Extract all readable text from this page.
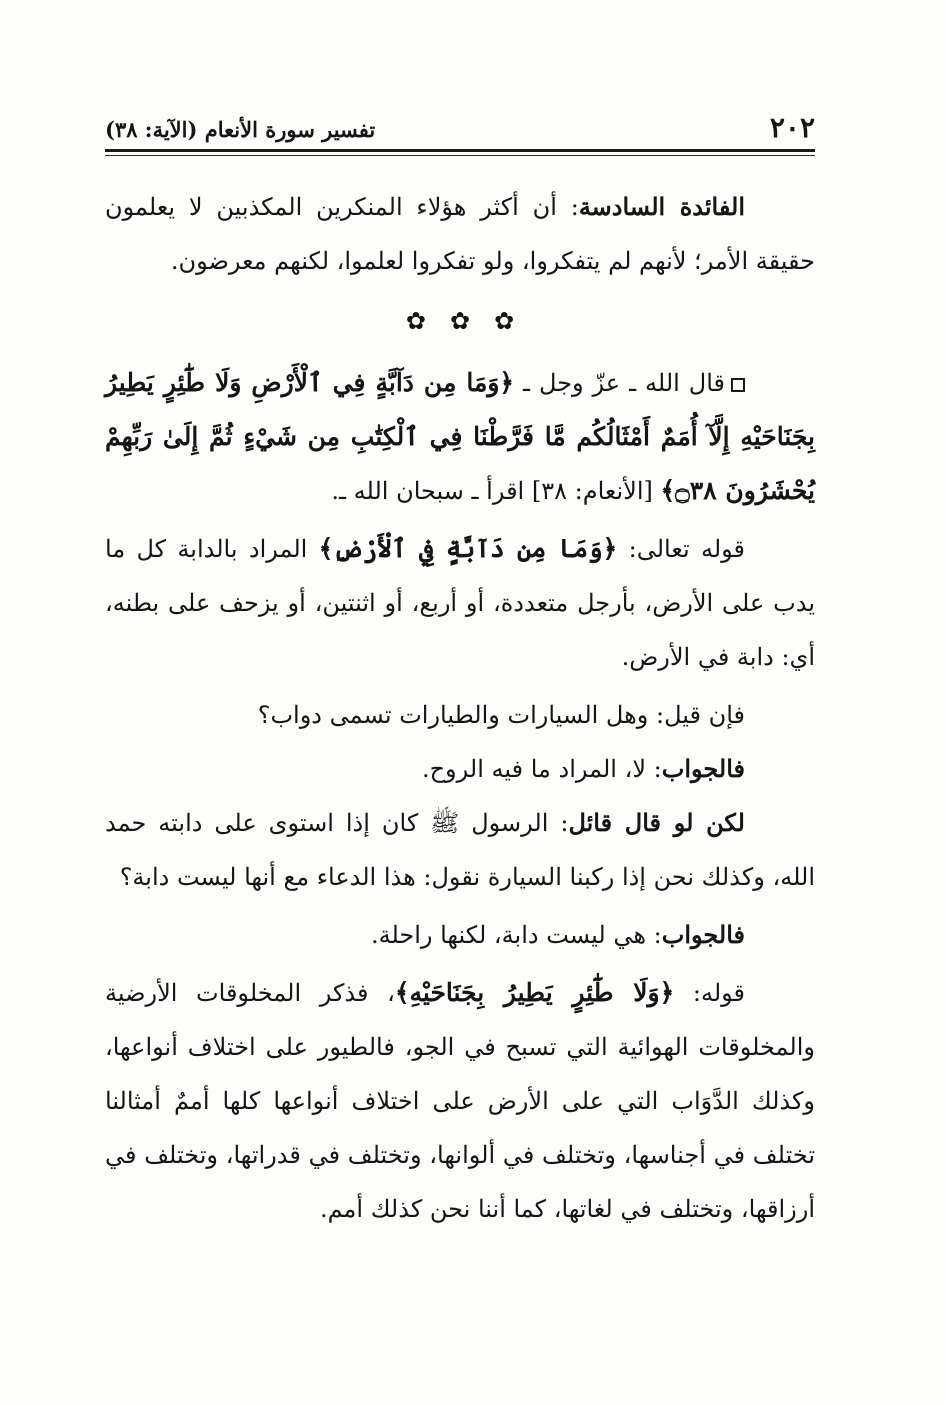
٢٠٢
تفسير سورة الأنعام (الآية: ٣٨)

الفائدة السادسة: أن أكثر هؤلاء المنكرين المكذبين لا يعلمون حقيقة الأمر؛ لأنهم لم يتفكروا، ولو تفكروا لعلموا، لكنهم معرضون.

✿
✿
✿

قال الله ـ عزّ وجل ـ ﴿وَمَا مِن دَآبَّةٍ فِي ٱلْأَرْضِ وَلَا طَٰٓئِرٍ يَطِيرُ بِجَنَاحَيْهِ إِلَّآ أُمَمٌ أَمْثَالُكُم مَّا فَرَّطْنَا فِي ٱلْكِتَٰبِ مِن شَيْءٍ ثُمَّ إِلَىٰ رَبِّهِمْ يُحْشَرُونَ ۝٣٨﴾ [الأنعام: ٣٨] اقرأ ـ سبحان الله ـ.

قوله تعالى: ﴿وَمَا مِن دَآبَّةٍ فِي ٱلْأَرْضِ﴾ المراد بالدابة كل ما يدب على الأرض، بأرجل متعددة، أو أربع، أو اثنتين، أو يزحف على بطنه، أي: دابة في الأرض.

فإن قيل: وهل السيارات والطيارات تسمى دواب؟

فالجواب: لا، المراد ما فيه الروح.

لكن لو قال قائل: الرسول ﷺ كان إذا استوى على دابته حمد الله، وكذلك نحن إذا ركبنا السيارة نقول: هذا الدعاء مع أنها ليست دابة؟

فالجواب: هي ليست دابة، لكنها راحلة.

قوله: ﴿وَلَا طَٰٓئِرٍ يَطِيرُ بِجَنَاحَيْهِ﴾، فذكر المخلوقات الأرضية والمخلوقات الهوائية التي تسبح في الجو، فالطيور على اختلاف أنواعها، وكذلك الدَّوَاب التي على الأرض على اختلاف أنواعها كلها أممٌ أمثالنا تختلف في أجناسها، وتختلف في ألوانها، وتختلف في قدراتها، وتختلف في أرزاقها، وتختلف في لغاتها، كما أننا نحن كذلك أمم.
